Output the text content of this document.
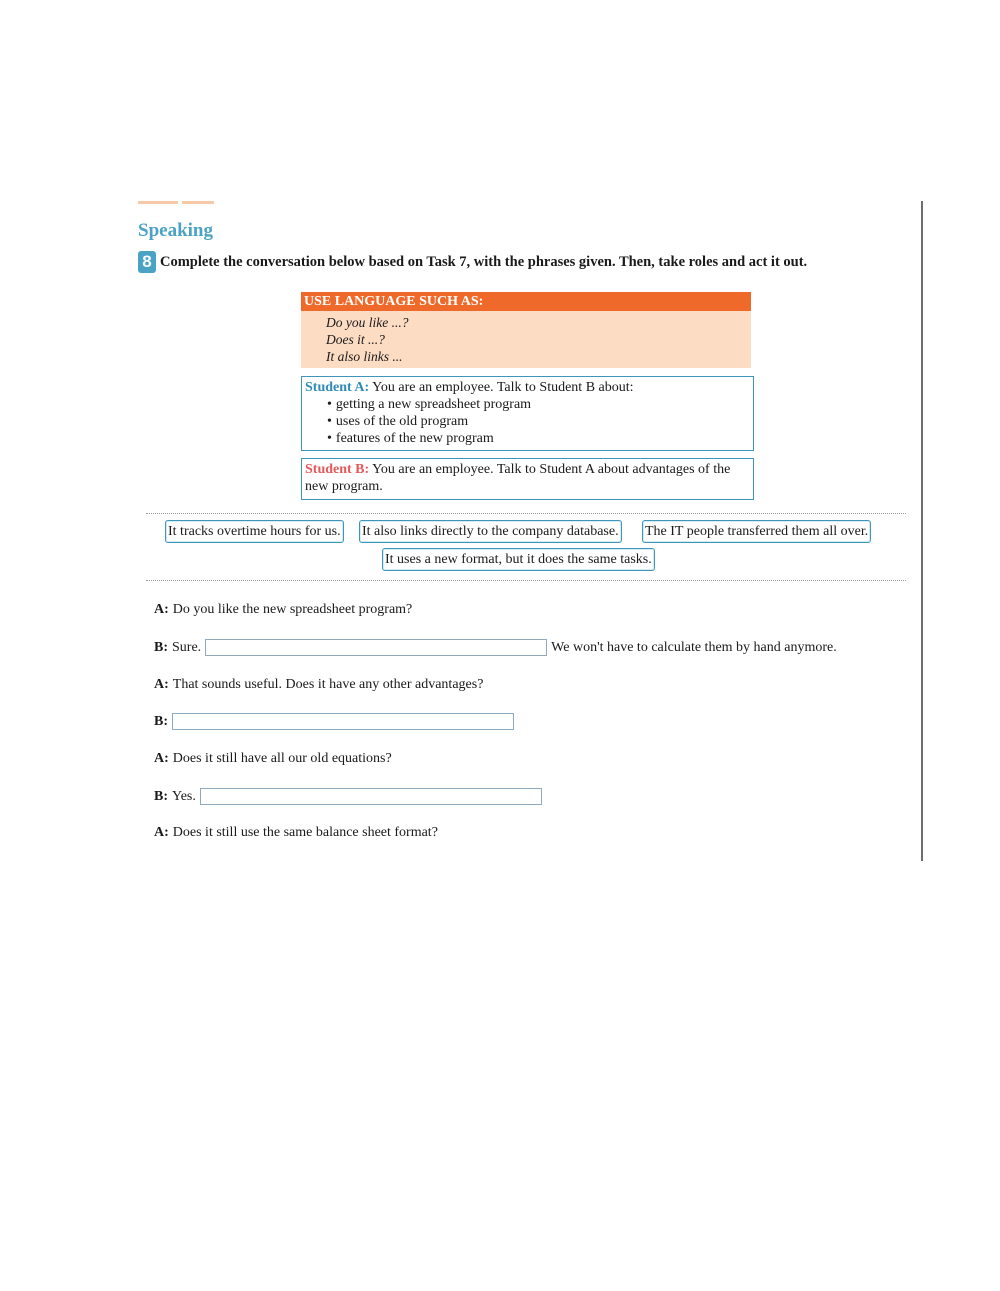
Speaking
8 Complete the conversation below based on Task 7, with the phrases given. Then, take roles and act it out.
USE LANGUAGE SUCH AS:
Do you like ...?
Does it ...?
It also links ...
Student A: You are an employee. Talk to Student B about:
• getting a new spreadsheet program
• uses of the old program
• features of the new program
Student B: You are an employee. Talk to Student A about advantages of the new program.
It tracks overtime hours for us. It also links directly to the company database. The IT people transferred them all over.
It uses a new format, but it does the same tasks.
A: Do you like the new spreadsheet program?
B: Sure.	We won't have to calculate them by hand anymore.
A: That sounds useful. Does it have any other advantages?
B:
A: Does it still have all our old equations?
B: Yes.
A: Does it still use the same balance sheet format?
